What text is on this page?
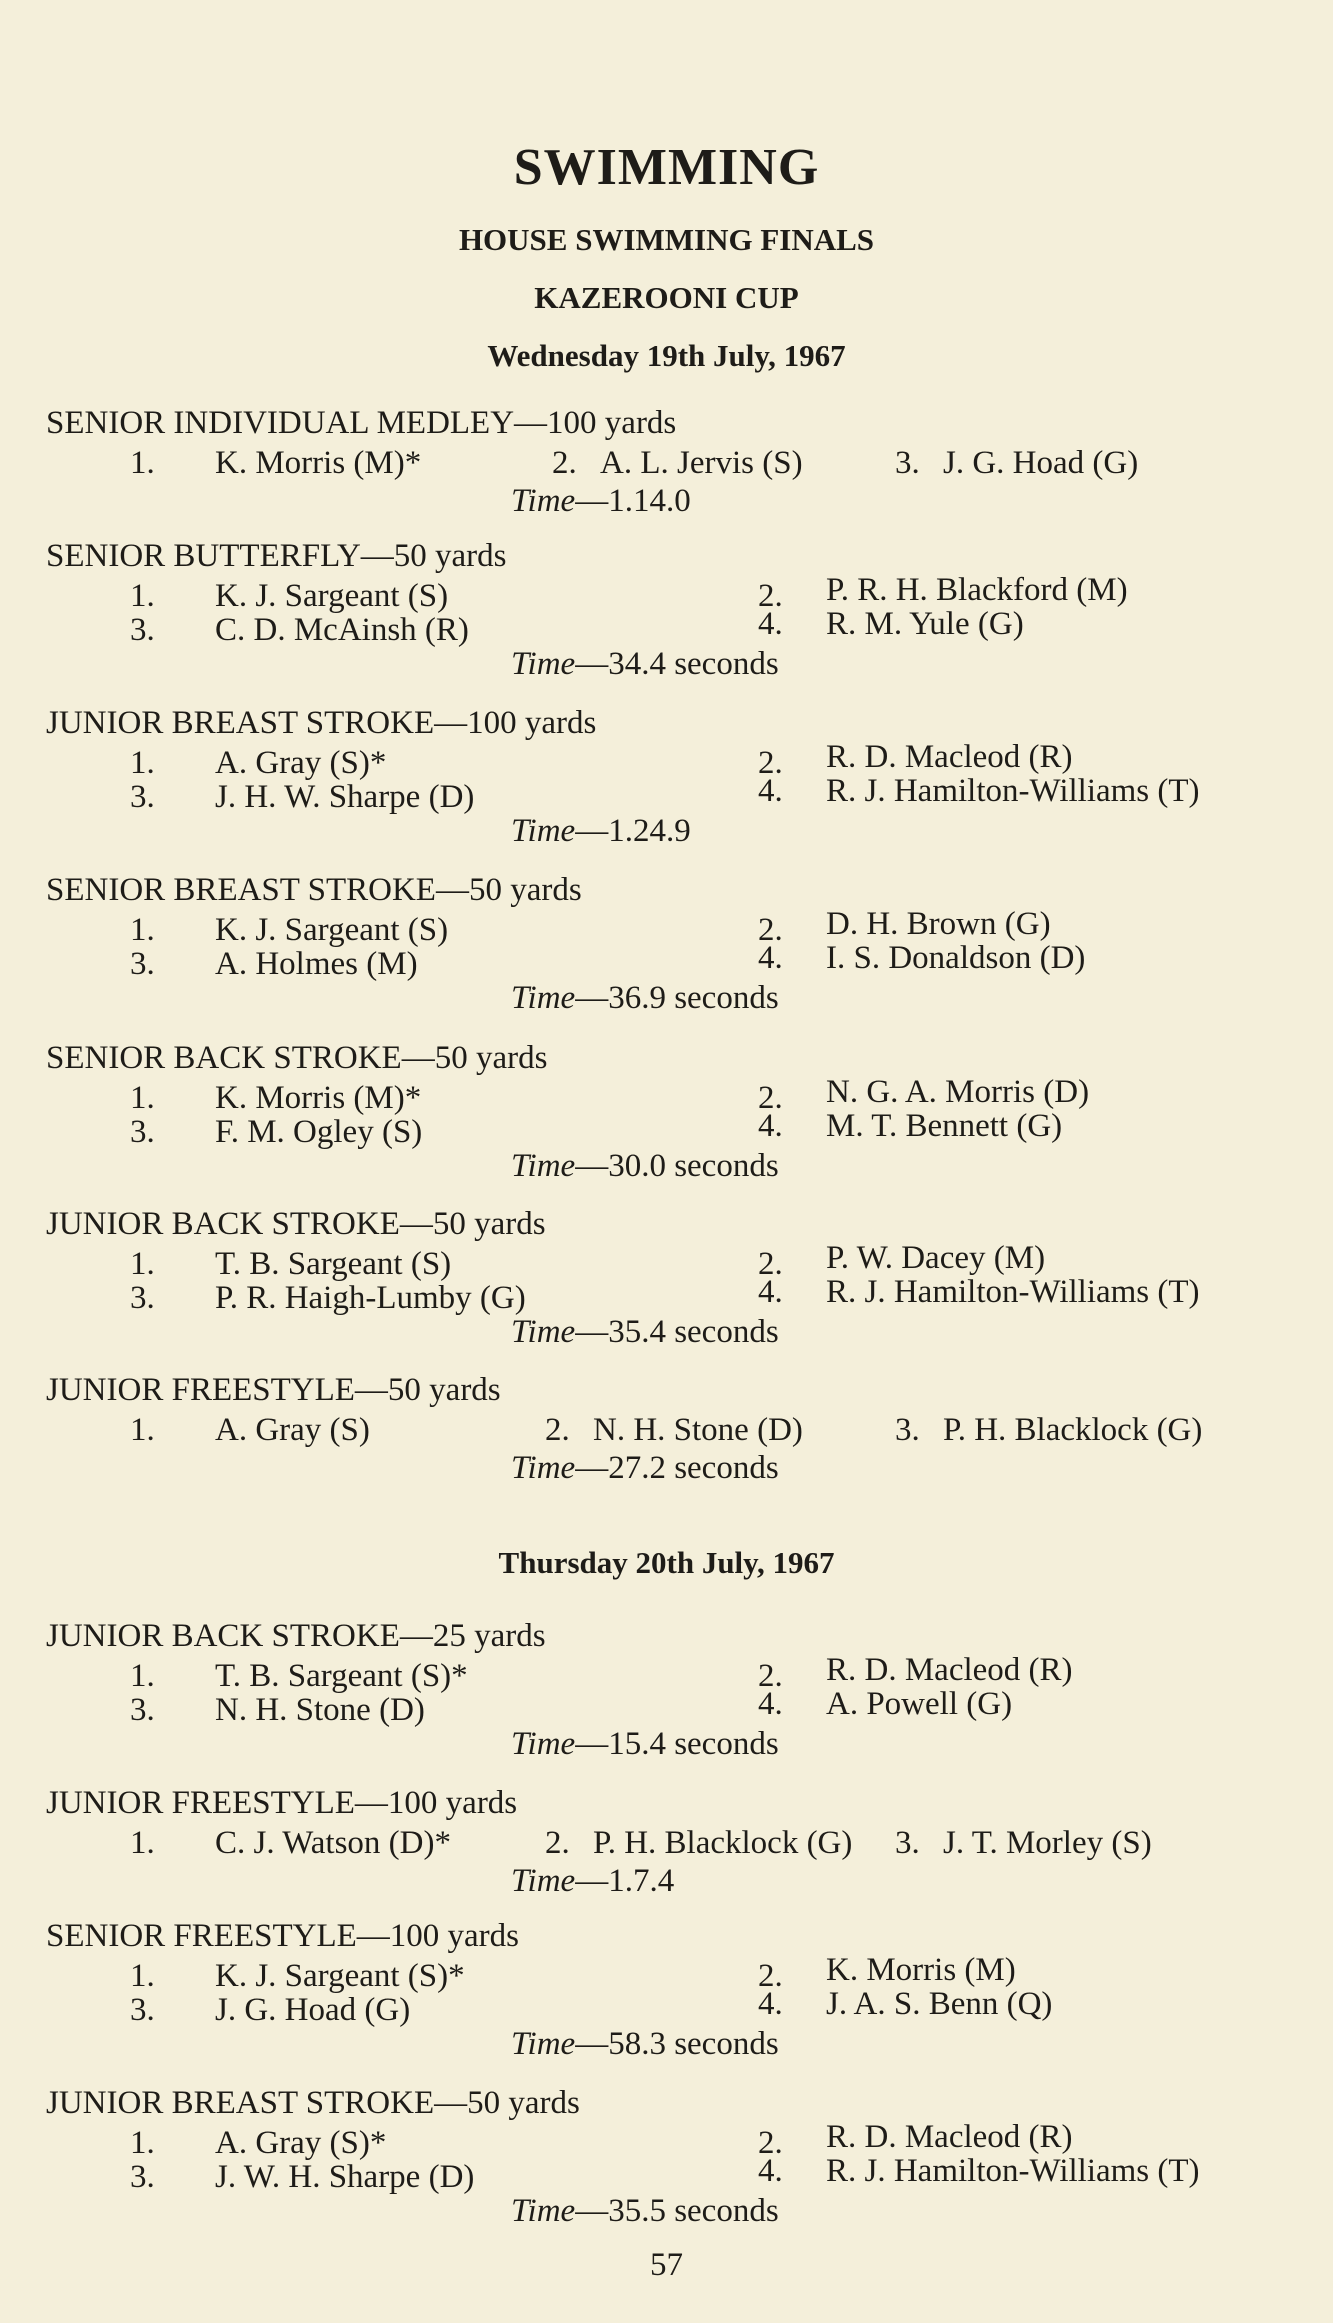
SWIMMING
HOUSE SWIMMING FINALS
KAZEROONI CUP
Wednesday 19th July, 1967
Thursday 20th July, 1967
SENIOR INDIVIDUAL MEDLEY—100 yards
1. K. Morris (M)*	2. A. L. Jervis (S)	3. J. G. Hoad (G)
Time—1.14.0
SENIOR BUTTERFLY—50 yards
1. K. J. Sargeant (S)	2. P. R. H. Blackford (M)
3. C. D. McAinsh (R)	4. R. M. Yule (G)
Time—34.4 seconds
JUNIOR BREAST STROKE—100 yards
1. A. Gray (S)*	2. R. D. Macleod (R)
3. J. H. W. Sharpe (D)	4. R. J. Hamilton-Williams (T)
Time—1.24.9
SENIOR BREAST STROKE—50 yards
1. K. J. Sargeant (S)	2. D. H. Brown (G)
3. A. Holmes (M)	4. I. S. Donaldson (D)
Time—36.9 seconds
SENIOR BACK STROKE—50 yards
1. K. Morris (M)*	2. N. G. A. Morris (D)
3. F. M. Ogley (S)	4. M. T. Bennett (G)
Time—30.0 seconds
JUNIOR BACK STROKE—50 yards
1. T. B. Sargeant (S)	2. P. W. Dacey (M)
3. P. R. Haigh-Lumby (G)	4. R. J. Hamilton-Williams (T)
Time—35.4 seconds
JUNIOR FREESTYLE—50 yards
1. A. Gray (S)	2. N. H. Stone (D)	3. P. H. Blacklock (G)
Time—27.2 seconds
JUNIOR BACK STROKE—25 yards
1. T. B. Sargeant (S)*	2. R. D. Macleod (R)
3. N. H. Stone (D)	4. A. Powell (G)
Time—15.4 seconds
JUNIOR FREESTYLE—100 yards
1. C. J. Watson (D)*	2. P. H. Blacklock (G) 3. J. T. Morley (S)
Time—1.7.4
SENIOR FREESTYLE—100 yards
1. K. J. Sargeant (S)*	2. K. Morris (M)
3. J. G. Hoad (G)	4. J. A. S. Benn (Q)
Time—58.3 seconds
JUNIOR BREAST STROKE—50 yards
1. A. Gray (S)*	2. R. D. Macleod (R)
3. J. W. H. Sharpe (D)	4. R. J. Hamilton-Williams (T)
Time—35.5 seconds
57
